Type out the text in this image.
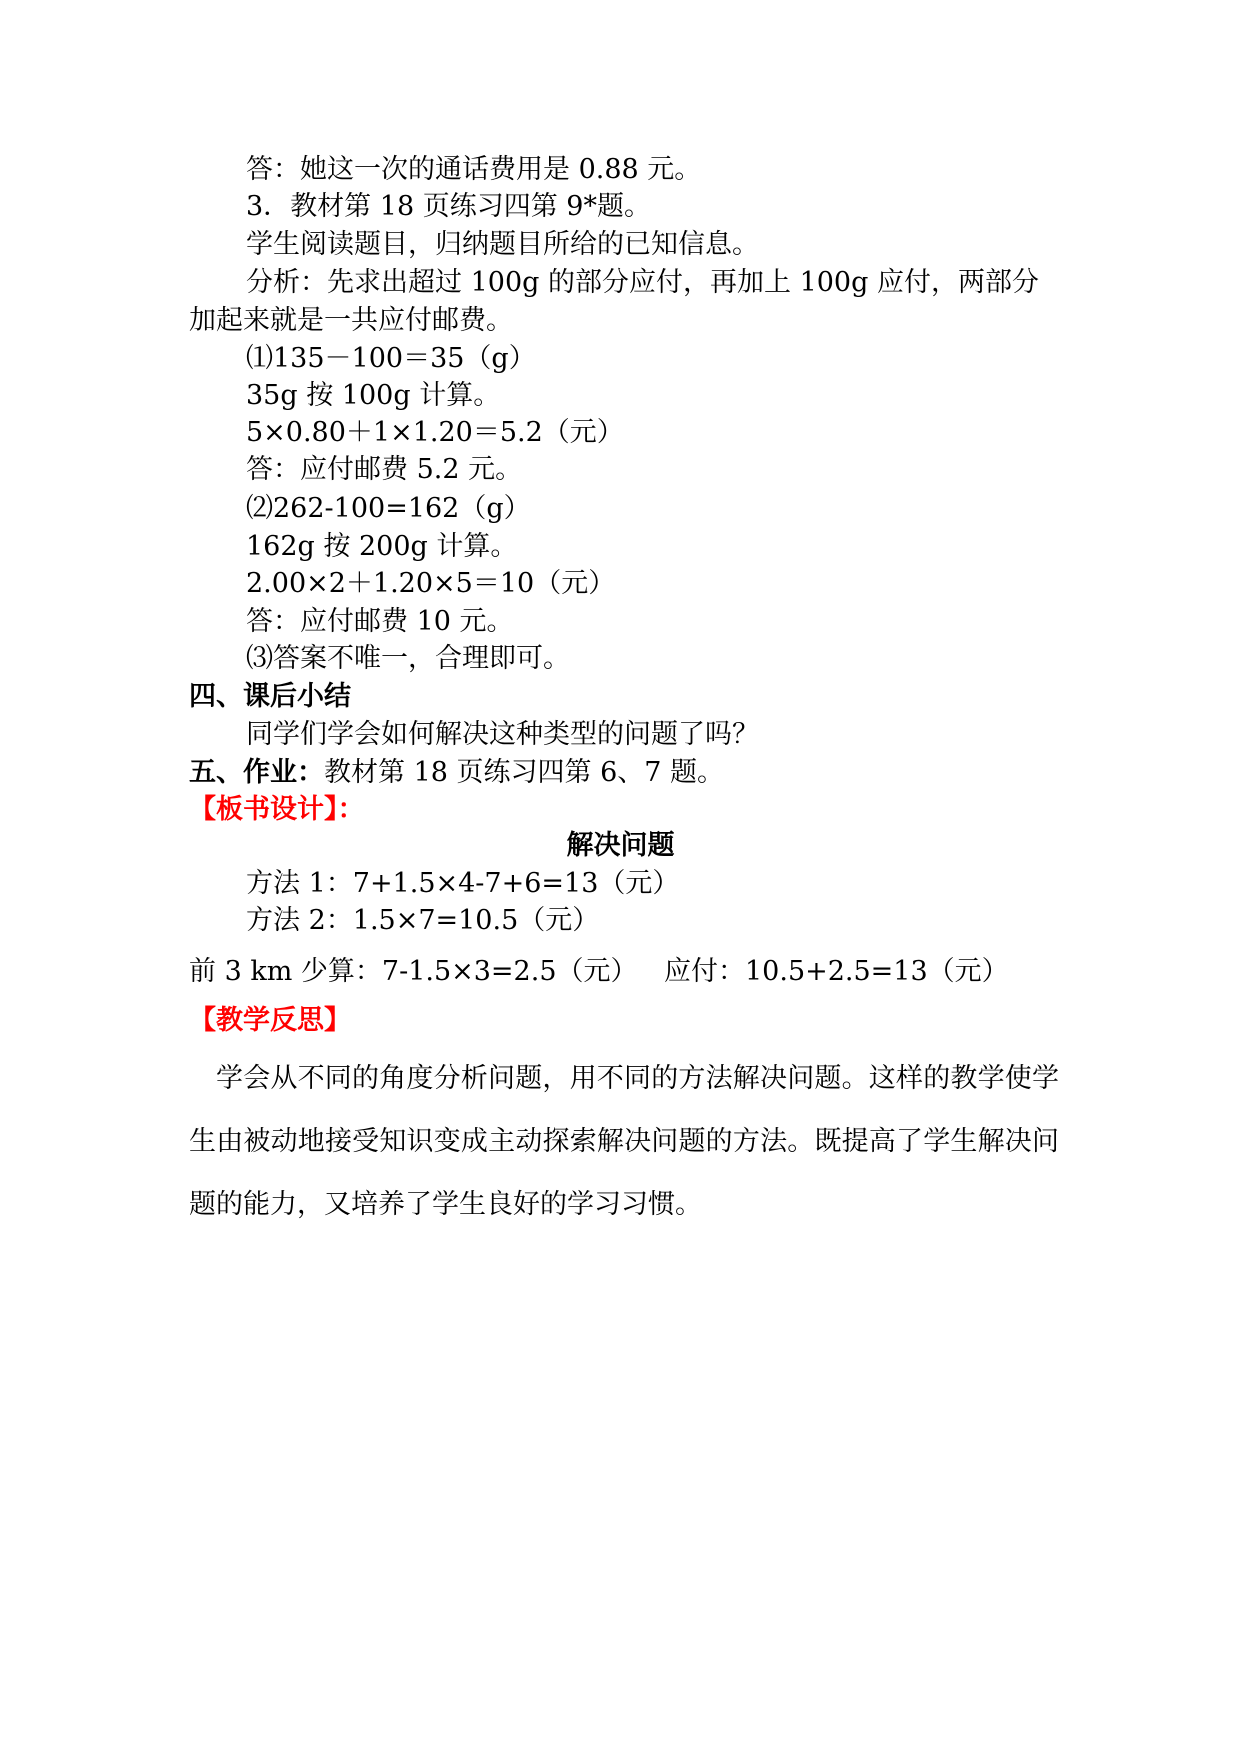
答：她这一次的通话费用是 0.88 元。
3．教材第 18 页练习四第 9*题。
学生阅读题目，归纳题目所给的已知信息。
分析：先求出超过 100g 的部分应付，再加上 100g 应付，两部分
加起来就是一共应付邮费。
⑴135－100＝35（g）
35g 按 100g 计算。
5×0.80＋1×1.20＝5.2（元）
答：应付邮费 5.2 元。
⑵262-100=162（g）
162g 按 200g 计算。
2.00×2＋1.20×5＝10（元）
答：应付邮费 10 元。
⑶答案不唯一，合理即可。
四、课后小结
同学们学会如何解决这种类型的问题了吗？
五、作业：教材第 18 页练习四第 6、7 题。
【板书设计】：
解决问题
方法 1：7+1.5×4-7+6=13（元）
方法 2：1.5×7=10.5（元）
前 3 km 少算：7-1.5×3=2.5（元） 应付：10.5+2.5=13（元）
【教学反思】
学会从不同的角度分析问题，用不同的方法解决问题。这样的教学使学生由被动地接受知识变成主动探索解决问题的方法。既提高了学生解决问题的能力，又培养了学生良好的学习习惯。
